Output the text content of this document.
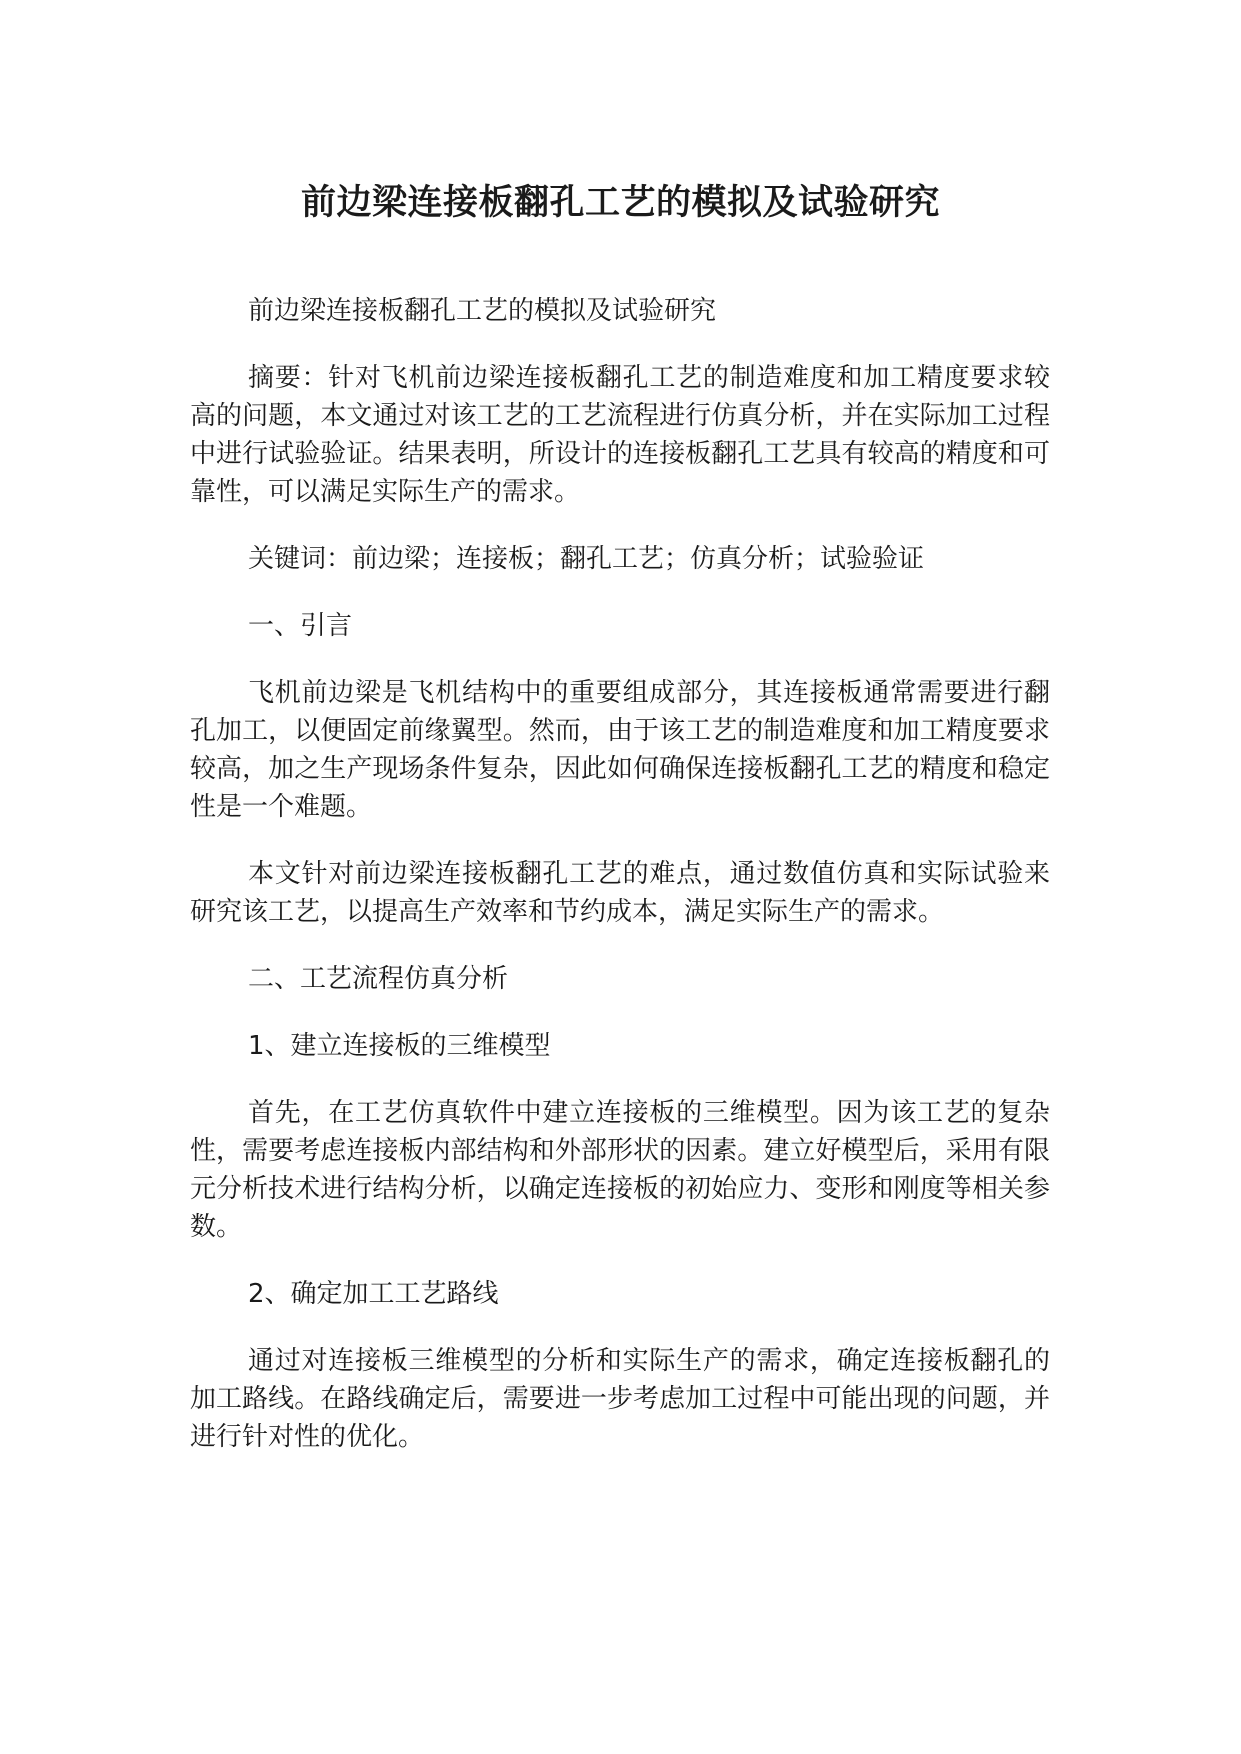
前边梁连接板翻孔工艺的模拟及试验研究

前边梁连接板翻孔工艺的模拟及试验研究

摘要：针对飞机前边梁连接板翻孔工艺的制造难度和加工精度要求较高的问题，本文通过对该工艺的工艺流程进行仿真分析，并在实际加工过程中进行试验验证。结果表明，所设计的连接板翻孔工艺具有较高的精度和可靠性，可以满足实际生产的需求。

关键词：前边梁；连接板；翻孔工艺；仿真分析；试验验证

一、引言

飞机前边梁是飞机结构中的重要组成部分，其连接板通常需要进行翻孔加工，以便固定前缘翼型。然而，由于该工艺的制造难度和加工精度要求较高，加之生产现场条件复杂，因此如何确保连接板翻孔工艺的精度和稳定性是一个难题。

本文针对前边梁连接板翻孔工艺的难点，通过数值仿真和实际试验来研究该工艺，以提高生产效率和节约成本，满足实际生产的需求。

二、工艺流程仿真分析

1、建立连接板的三维模型

首先，在工艺仿真软件中建立连接板的三维模型。因为该工艺的复杂性，需要考虑连接板内部结构和外部形状的因素。建立好模型后，采用有限元分析技术进行结构分析，以确定连接板的初始应力、变形和刚度等相关参数。

2、确定加工工艺路线

通过对连接板三维模型的分析和实际生产的需求，确定连接板翻孔的加工路线。在路线确定后，需要进一步考虑加工过程中可能出现的问题，并进行针对性的优化。
